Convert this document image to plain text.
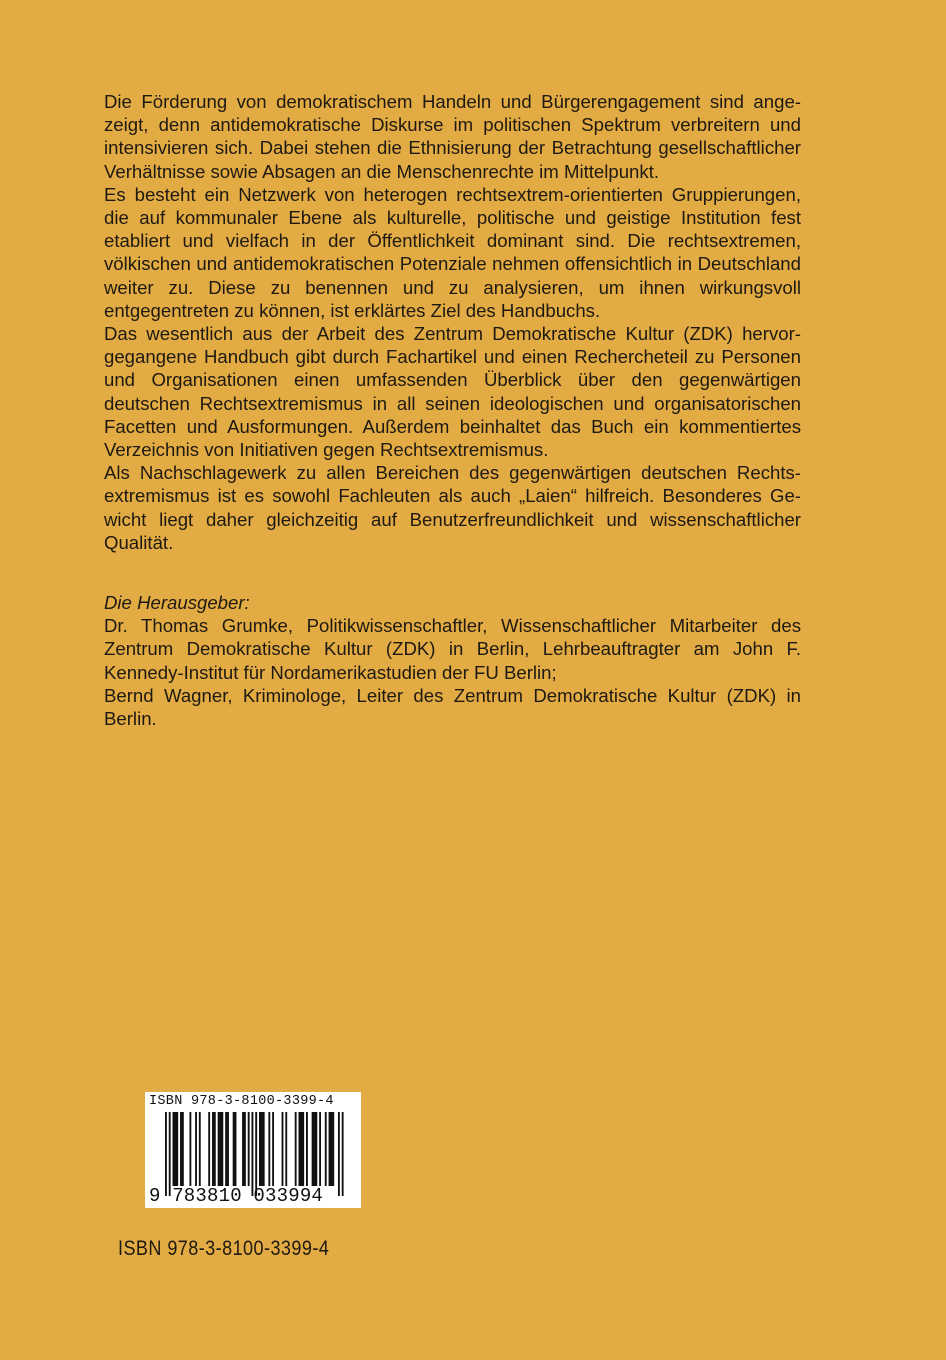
Die Förderung von demokratischem Handeln und Bürgerengagement sind angezeigt, denn antidemokratische Diskurse im politischen Spektrum verbreitern und intensivieren sich. Dabei stehen die Ethnisierung der Betrachtung gesellschaftlicher Verhältnisse sowie Absagen an die Menschenrechte im Mittelpunkt.

Es besteht ein Netzwerk von heterogen rechtsextrem-orientierten Gruppierungen, die auf kommunaler Ebene als kulturelle, politische und geistige Institution fest etabliert und vielfach in der Öffentlichkeit dominant sind. Die rechtsextremen, völkischen und antidemokratischen Potenziale nehmen offensichtlich in Deutschland weiter zu. Diese zu benennen und zu analysieren, um ihnen wirkungsvoll entgegentreten zu können, ist erklärtes Ziel des Handbuchs.

Das wesentlich aus der Arbeit des Zentrum Demokratische Kultur (ZDK) hervorgegangene Handbuch gibt durch Fachartikel und einen Rechercheteil zu Personen und Organisationen einen umfassenden Überblick über den gegenwärtigen deutschen Rechtsextremismus in all seinen ideologischen und organisatorischen Facetten und Ausformungen. Außerdem beinhaltet das Buch ein kommentiertes Verzeichnis von Initiativen gegen Rechtsextremismus.

Als Nachschlagewerk zu allen Bereichen des gegenwärtigen deutschen Rechtsextremismus ist es sowohl Fachleuten als auch „Laien“ hilfreich. Besonderes Gewicht liegt daher gleichzeitig auf Benutzerfreundlichkeit und wissenschaftlicher Qualität.

Die Herausgeber:

Dr. Thomas Grumke, Politikwissenschaftler, Wissenschaftlicher Mitarbeiter des Zentrum Demokratische Kultur (ZDK) in Berlin, Lehrbeauftragter am John F. Kennedy-Institut für Nordamerikastudien der FU Berlin;

Bernd Wagner, Kriminologe, Leiter des Zentrum Demokratische Kultur (ZDK) in Berlin.

ISBN 978-3-8100-3399-4
9 783810 033994
ISBN 978-3-8100-3399-4
